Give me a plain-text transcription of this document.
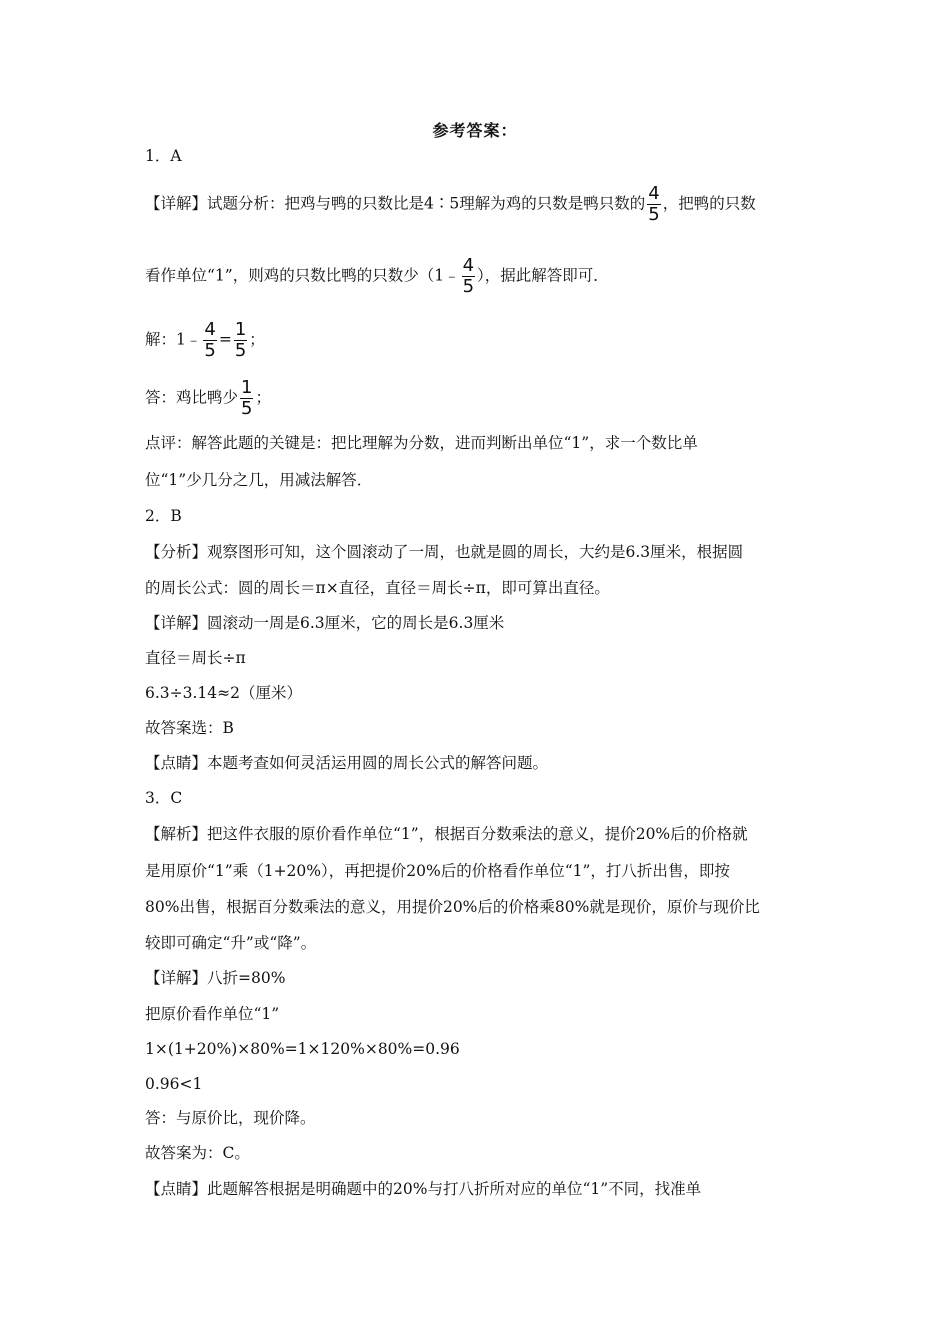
参考答案：
1．A
【详解】试题分析：把鸡与鸭的只数比是4∶5理解为鸡的只数是鸭只数的 $\frac{4}{5}$ ，把鸭的只数
看作单位“1”，则鸡的只数比鸭的只数少（1﹣ $\frac{4}{5}$ ），据此解答即可．
解：1﹣ $\frac{4}{5} = \frac{1}{5}$ ；
答：鸡比鸭少 $\frac{1}{5}$ ；
点评：解答此题的关键是：把比理解为分数，进而判断出单位“1”，求一个数比单
位“1”少几分之几，用减法解答．
2．B
【分析】观察图形可知，这个圆滚动了一周，也就是圆的周长，大约是6.3厘米，根据圆
的周长公式：圆的周长＝π×直径，直径＝周长÷π，即可算出直径。
【详解】圆滚动一周是6.3厘米，它的周长是6.3厘米
直径＝周长÷π
6.3÷3.14≈2（厘米）
故答案选：B
【点睛】本题考查如何灵活运用圆的周长公式的解答问题。
3．C
【解析】把这件衣服的原价看作单位“1”，根据百分数乘法的意义，提价20%后的价格就
是用原价“1”乘（1+20%），再把提价20%后的价格看作单位“1”，打八折出售，即按
80%出售，根据百分数乘法的意义，用提价20%后的价格乘80%就是现价，原价与现价比
较即可确定“升”或“降”。
【详解】八折=80%
把原价看作单位“1”
1×(1+20%)×80%=1×120%×80%=0.96
0.96<1
答：与原价比，现价降。
故答案为：C。
【点睛】此题解答根据是明确题中的20%与打八折所对应的单位“1”不同，找准单
